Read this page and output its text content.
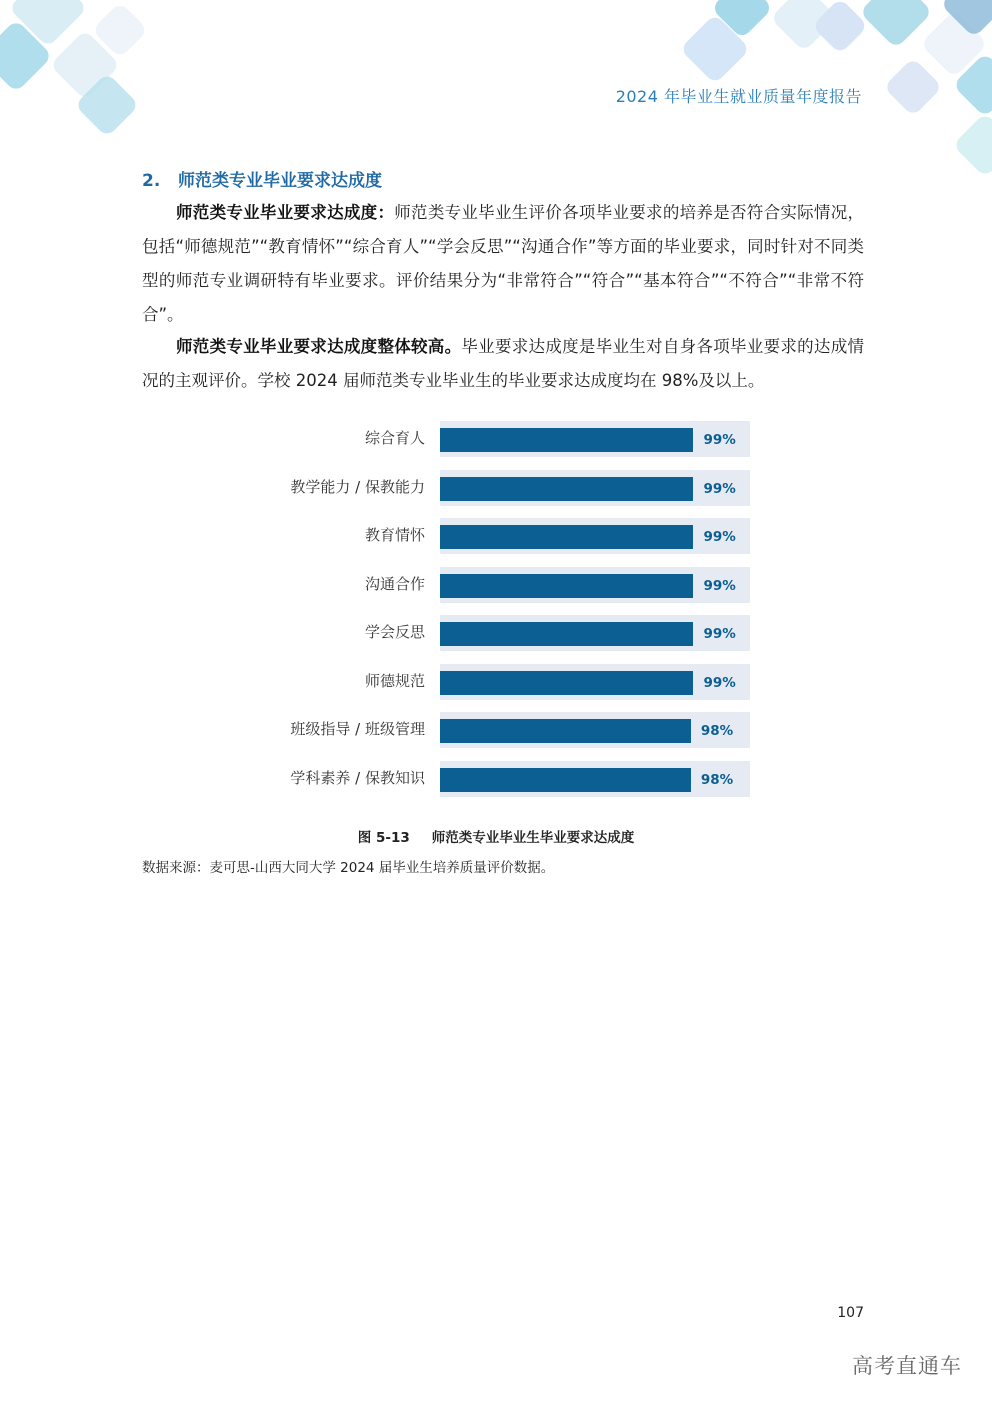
2024 年毕业生就业质量年度报告
2. 师范类专业毕业要求达成度

师范类专业毕业要求达成度：师范类专业毕业生评价各项毕业要求的培养是否符合实际情况，包括“师德规范”“教育情怀”“综合育人”“学会反思”“沟通合作”等方面的毕业要求，同时针对不同类型的师范专业调研特有毕业要求。评价结果分为“非常符合”“符合”“基本符合”“不符合”“非常不符合”。

师范类专业毕业要求达成度整体较高。毕业要求达成度是毕业生对自身各项毕业要求的达成情况的主观评价。学校 2024 届师范类专业毕业生的毕业要求达成度均在 98%及以上。

综合育人	99%
教学能力 / 保教能力	99%
教育情怀	99%
沟通合作	99%
学会反思	99%
师德规范	99%
班级指导 / 班级管理	98%
学科素养 / 保教知识	98%
图 5-13 师范类专业毕业生毕业要求达成度
数据来源：麦可思-山西大同大学 2024 届毕业生培养质量评价数据。
107
高考直通车
